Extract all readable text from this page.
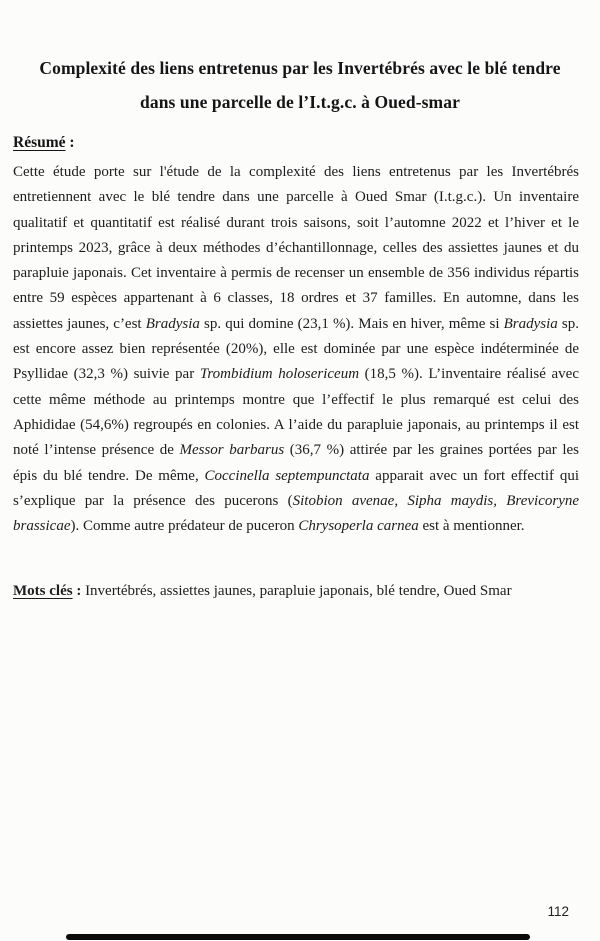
Complexité des liens entretenus par les Invertébrés avec le blé tendre
dans une parcelle de l’I.t.g.c. à Oued-smar
Résumé :

Cette étude porte sur l'étude de la complexité des liens entretenus par les Invertébrés entretiennent avec le blé tendre dans une parcelle à Oued Smar (I.t.g.c.). Un inventaire qualitatif et quantitatif est réalisé durant trois saisons, soit l’automne 2022 et l’hiver et le printemps 2023, grâce à deux méthodes d’échantillonnage, celles des assiettes jaunes et du parapluie japonais. Cet inventaire à permis de recenser un ensemble de 356 individus répartis entre 59 espèces appartenant à 6 classes, 18 ordres et 37 familles. En automne, dans les assiettes jaunes, c’est Bradysia sp. qui domine (23,1 %). Mais en hiver, même si Bradysia sp. est encore assez bien représentée (20%), elle est dominée par une espèce indéterminée de Psyllidae (32,3 %) suivie par Trombidium holosericeum (18,5 %). L’inventaire réalisé avec cette même méthode au printemps montre que l’effectif le plus remarqué est celui des Aphididae (54,6%) regroupés en colonies. A l’aide du parapluie japonais, au printemps il est noté l’intense présence de Messor barbarus (36,7 %) attirée par les graines portées par les épis du blé tendre. De même, Coccinella septempunctata apparait avec un fort effectif qui s’explique par la présence des pucerons (Sitobion avenae, Sipha maydis, Brevicoryne brassicae). Comme autre prédateur de puceron Chrysoperla carnea est à mentionner.

Mots clés : Invertébrés, assiettes jaunes, parapluie japonais, blé tendre, Oued Smar
112
